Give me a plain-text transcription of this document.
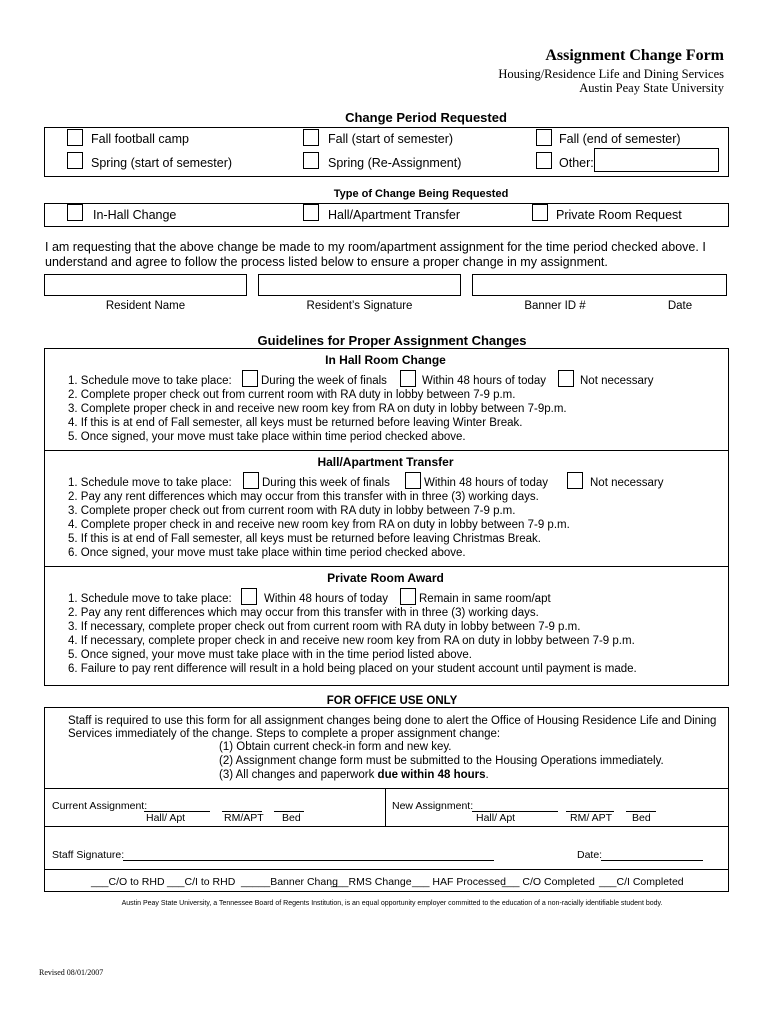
Assignment Change Form
Housing/Residence Life and Dining Services
Austin Peay State University
Change Period Requested
Fall football camp	Fall (start of semester)	Fall (end of semester)
Spring (start of semester)	Spring (Re-Assignment)	Other:
Type of Change Being Requested
In-Hall Change	Hall/Apartment Transfer	Private Room Request
I am requesting that the above change be made to my room/apartment assignment for the time period checked above. I understand and agree to follow the process listed below to ensure a proper change in my assignment.
Resident Name	Resident’s Signature	Banner ID #	Date
Guidelines for Proper Assignment Changes
In Hall Room Change
1. Schedule move to take place:	During the week of finals	Within 48 hours of today	Not necessary
2. Complete proper check out from current room with RA duty in lobby between 7-9 p.m.
3. Complete proper check in and receive new room key from RA on duty in lobby between 7-9p.m.
4. If this is at end of Fall semester, all keys must be returned before leaving Winter Break.
5. Once signed, your move must take place within time period checked above.
Hall/Apartment Transfer
1. Schedule move to take place:	During this week of finals	Within 48 hours of today	Not necessary
2. Pay any rent differences which may occur from this transfer with in three (3) working days.
3. Complete proper check out from current room with RA duty in lobby between 7-9 p.m.
4. Complete proper check in and receive new room key from RA on duty in lobby between 7-9 p.m.
5. If this is at end of Fall semester, all keys must be returned before leaving Christmas Break.
6. Once signed, your move must take place within time period checked above.
Private Room Award
1. Schedule move to take place:	Within 48 hours of today	Remain in same room/apt
2. Pay any rent differences which may occur from this transfer with in three (3) working days.
3. If necessary, complete proper check out from current room with RA duty in lobby between 7-9 p.m.
4. If necessary, complete proper check in and receive new room key from RA on duty in lobby between 7-9 p.m.
5. Once signed, your move must take place with in the time period listed above.
6. Failure to pay rent difference will result in a hold being placed on your student account until payment is made.
FOR OFFICE USE ONLY
Staff is required to use this form for all assignment changes being done to alert the Office of Housing Residence Life and Dining
Services immediately of the change. Steps to complete a proper assignment change:
(1) Obtain current check-in form and new key.
(2) Assignment change form must be submitted to the Housing Operations immediately.
(3) All changes and paperwork due within 48 hours.
Current Assignment:
Hall/ Apt	RM/APT Bed
New Assignment:
Hall/ Apt	RM/ APT Bed
Staff Signature:	Date:
___C/O to RHD ___C/I to RHD _____Banner Chang
___RMS Change ___ HAF Processed
___ C/O Completed ___C/I Completed
Austin Peay State University, a Tennessee Board of Regents Institution, is an equal opportunity employer committed to the education of a non-racially identifiable student body.
Revised 08/01/2007
